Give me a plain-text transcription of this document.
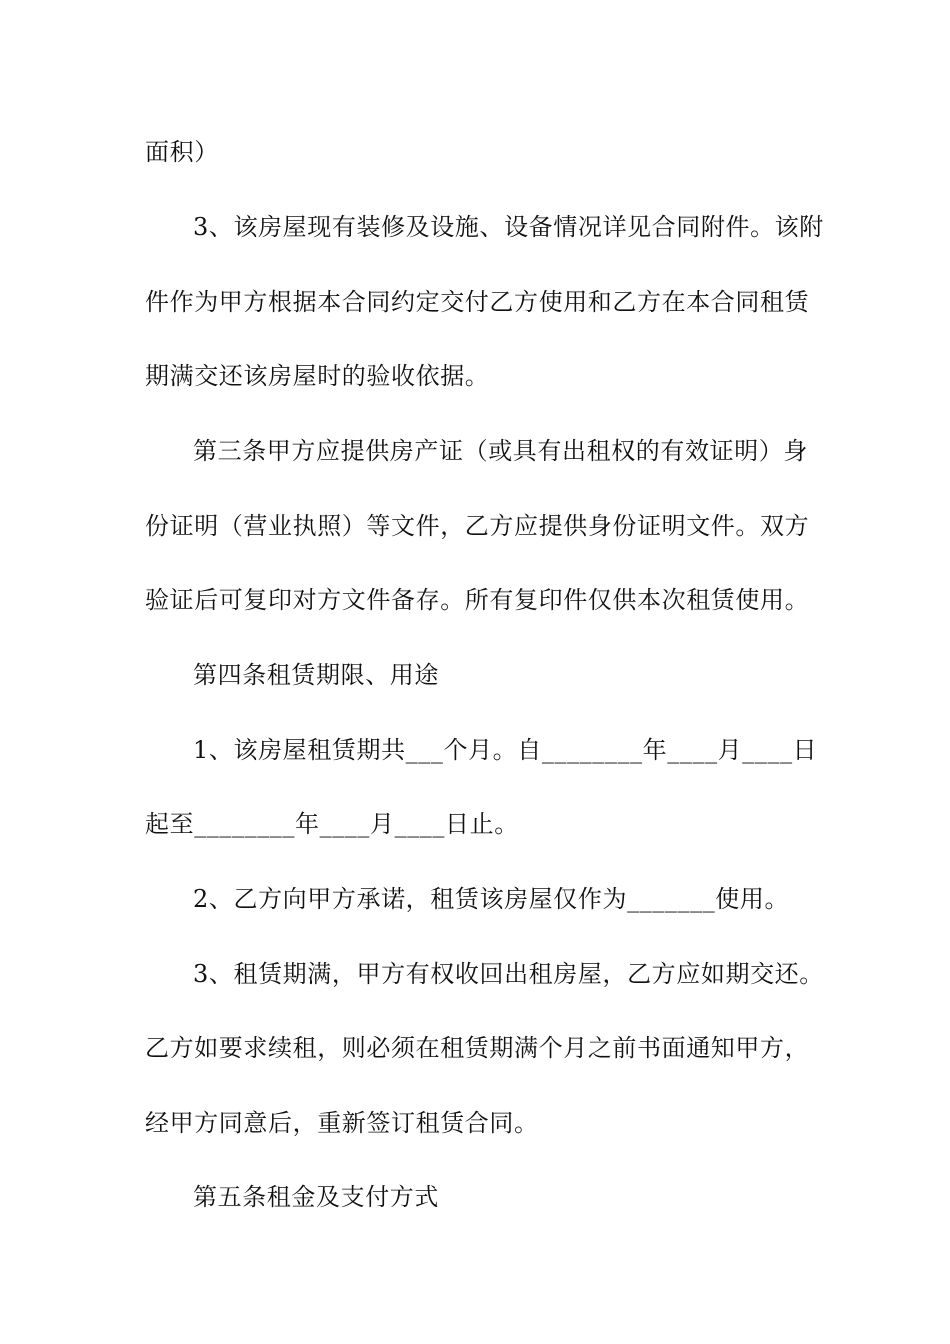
面积）
3、该房屋现有装修及设施、设备情况详见合同附件。该附
件作为甲方根据本合同约定交付乙方使用和乙方在本合同租赁
期满交还该房屋时的验收依据。
第三条甲方应提供房产证（或具有出租权的有效证明）身
份证明（营业执照）等文件，乙方应提供身份证明文件。双方
验证后可复印对方文件备存。所有复印件仅供本次租赁使用。
第四条租赁期限、用途
1、该房屋租赁期共___个月。自________年____月____日
起至________年____月____日止。
2、乙方向甲方承诺，租赁该房屋仅作为_______使用。
3、租赁期满，甲方有权收回出租房屋，乙方应如期交还。
乙方如要求续租，则必须在租赁期满个月之前书面通知甲方，
经甲方同意后，重新签订租赁合同。
第五条租金及支付方式
